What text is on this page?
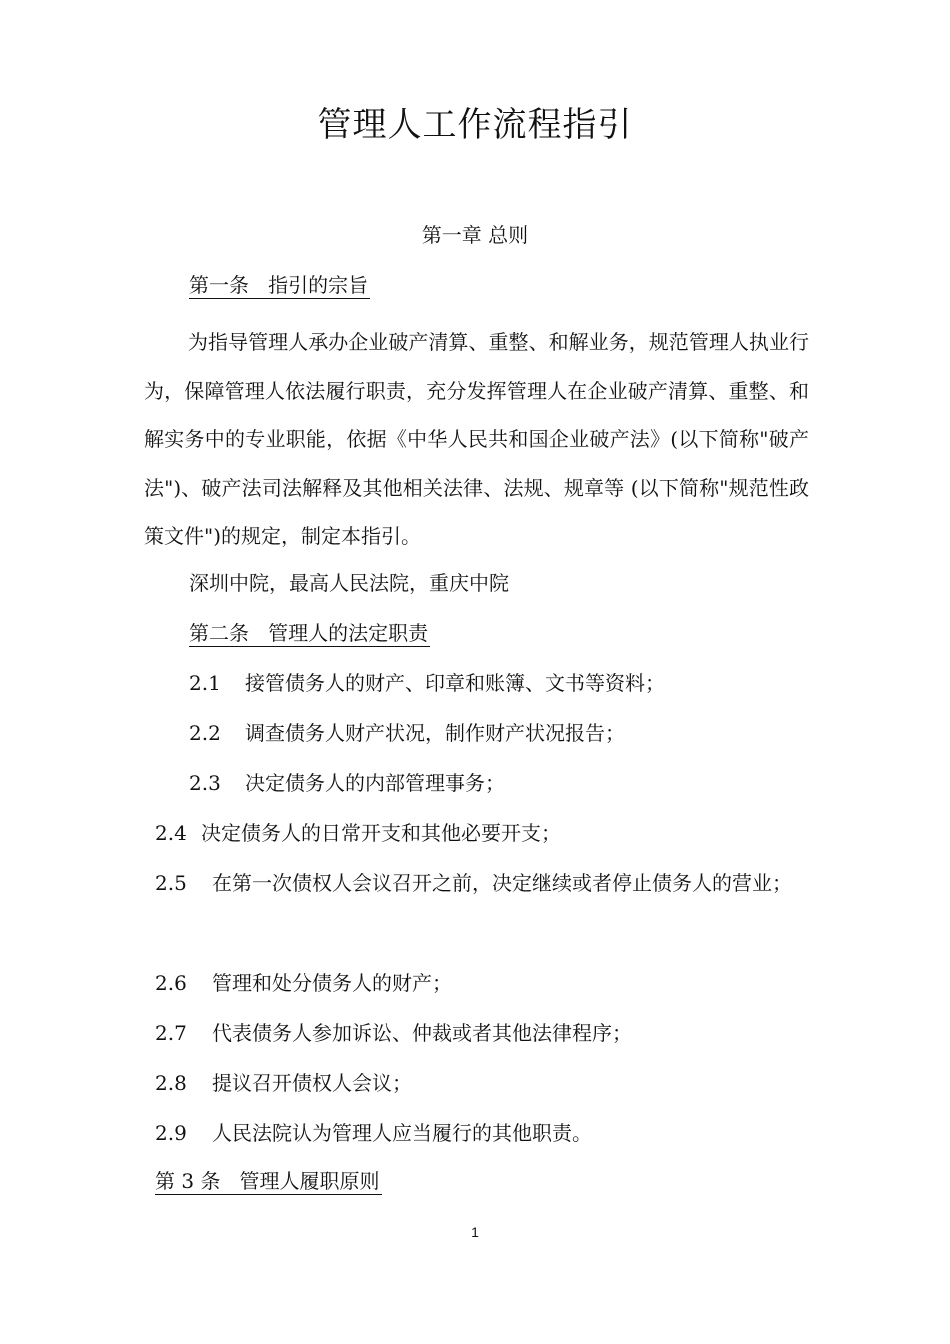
管理人工作流程指引
第一章 总则
第一条   指引的宗旨
为指导管理人承办企业破产清算、重整、和解业务，规范管理人执业行为，保障管理人依法履行职责，充分发挥管理人在企业破产清算、重整、和解实务中的专业职能，依据《中华人民共和国企业破产法》(以下简称"破产法")、破产法司法解释及其他相关法律、法规、规章等 (以下简称"规范性政策文件")的规定，制定本指引。
深圳中院，最高人民法院，重庆中院
第二条   管理人的法定职责
2.1 接管债务人的财产、印章和账簿、文书等资料；
2.2 调查债务人财产状况，制作财产状况报告；
2.3 决定债务人的内部管理事务；
2.4 决定债务人的日常开支和其他必要开支；
2.5 在第一次债权人会议召开之前，决定继续或者停止债务人的营业；
2.6 管理和处分债务人的财产；
2.7 代表债务人参加诉讼、仲裁或者其他法律程序；
2.8 提议召开债权人会议；
2.9 人民法院认为管理人应当履行的其他职责。
第 3 条   管理人履职原则
1
